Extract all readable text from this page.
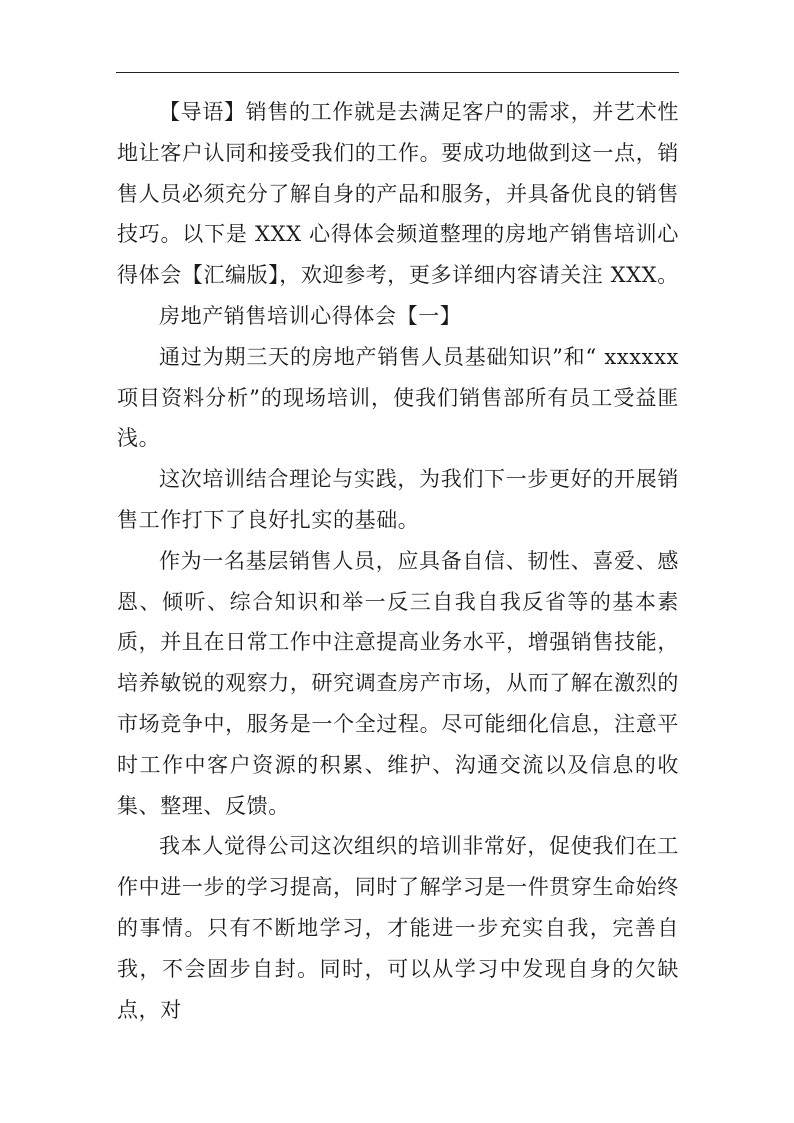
【导语】销售的工作就是去满足客户的需求，并艺术性地让客户认同和接受我们的工作。要成功地做到这一点，销售人员必须充分了解自身的产品和服务，并具备优良的销售技巧。以下是 XXX 心得体会频道整理的房地产销售培训心得体会【汇编版】，欢迎参考，更多详细内容请关注 XXX。

房地产销售培训心得体会【一】

通过为期三天的房地产销售人员基础知识”和“ xxxxxx 项目资料分析”的现场培训，使我们销售部所有员工受益匪浅。

这次培训结合理论与实践，为我们下一步更好的开展销售工作打下了良好扎实的基础。

作为一名基层销售人员，应具备自信、韧性、喜爱、感恩、倾听、综合知识和举一反三自我自我反省等的基本素质，并且在日常工作中注意提高业务水平，增强销售技能，培养敏锐的观察力，研究调查房产市场，从而了解在激烈的市场竞争中，服务是一个全过程。尽可能细化信息，注意平时工作中客户资源的积累、维护、沟通交流以及信息的收集、整理、反馈。

我本人觉得公司这次组织的培训非常好，促使我们在工作中进一步的学习提高，同时了解学习是一件贯穿生命始终的事情。只有不断地学习，才能进一步充实自我，完善自我，不会固步自封。同时，可以从学习中发现自身的欠缺点，对
